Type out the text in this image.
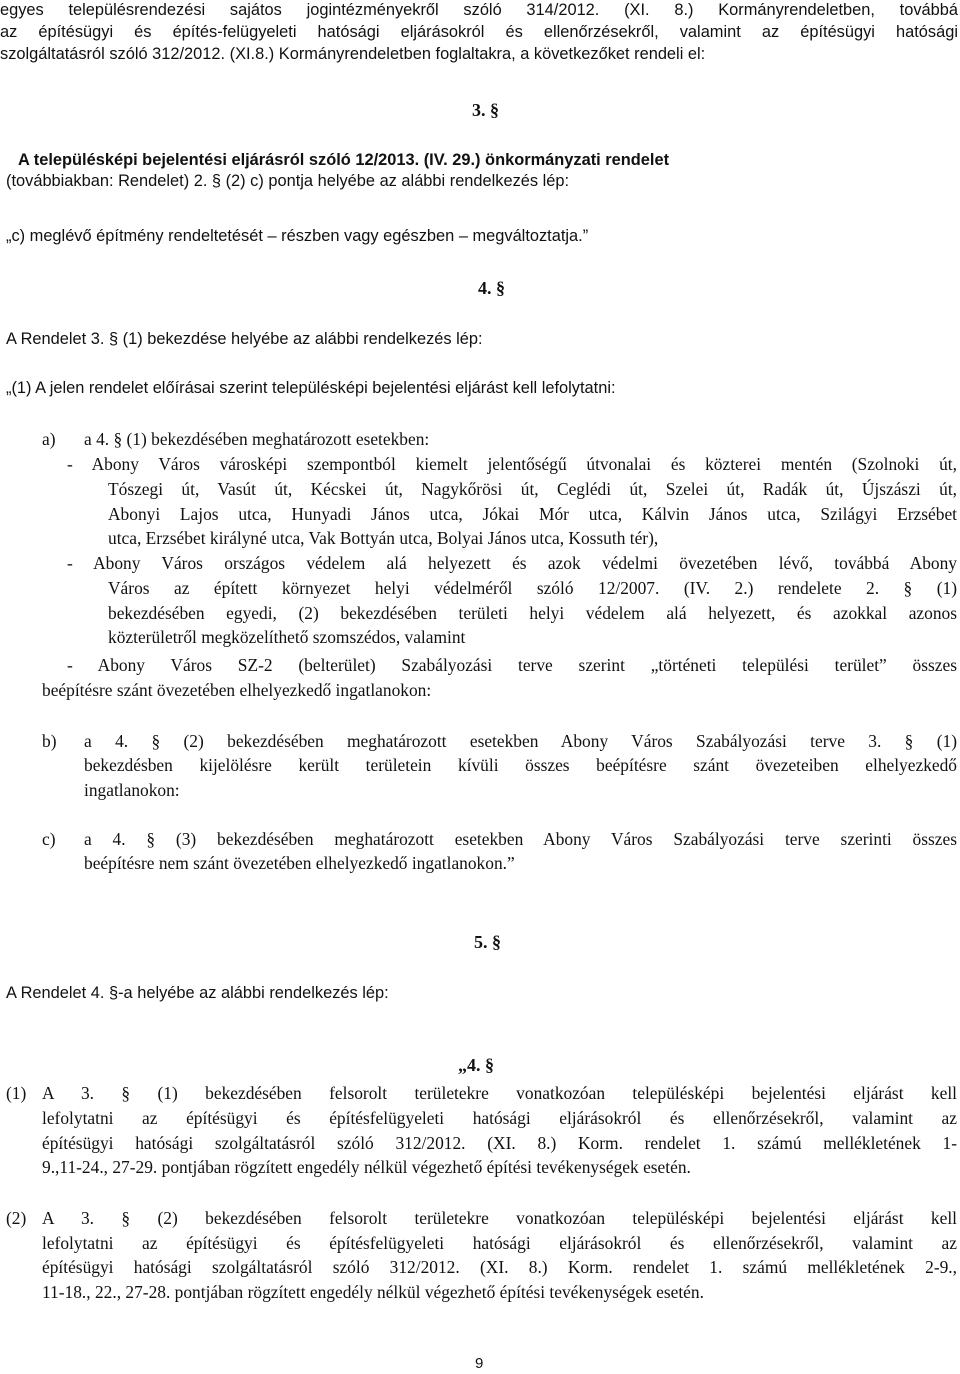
egyes településrendezési sajátos jogintézményekről szóló 314/2012. (XI. 8.) Kormányrendeletben, továbbá
az építésügyi és építés-felügyeleti hatósági eljárásokról és ellenőrzésekről, valamint az építésügyi hatósági
szolgáltatásról szóló 312/2012. (XI.8.) Kormányrendeletben foglaltakra, a következőket rendeli el:
3. §
A településképi bejelentési eljárásról szóló 12/2013. (IV. 29.) önkormányzati rendelet
(továbbiakban: Rendelet) 2. § (2) c) pontja helyébe az alábbi rendelkezés lép:
„c) meglévő építmény rendeltetését – részben vagy egészben – megváltoztatja.”
4. §
A Rendelet 3. § (1) bekezdése helyébe az alábbi rendelkezés lép:
„(1) A jelen rendelet előírásai szerint településképi bejelentési eljárást kell lefolytatni:
a) a 4. § (1) bekezdésében meghatározott esetekben:
- Abony Város városképi szempontból kiemelt jelentőségű útvonalai és közterei mentén (Szolnoki út,
Tószegi út, Vasút út, Kécskei út, Nagykőrösi út, Ceglédi út, Szelei út, Radák út, Újszászi út,
Abonyi Lajos utca, Hunyadi János utca, Jókai Mór utca, Kálvin János utca, Szilágyi Erzsébet
utca, Erzsébet királyné utca, Vak Bottyán utca, Bolyai János utca, Kossuth tér),
- Abony Város országos védelem alá helyezett és azok védelmi övezetében lévő, továbbá Abony
Város az épített környezet helyi védelméről szóló 12/2007. (IV. 2.) rendelete 2. § (1)
bekezdésében egyedi, (2) bekezdésében területi helyi védelem alá helyezett, és azokkal azonos
közterületről megközelíthető szomszédos, valamint
- Abony Város SZ-2 (belterület) Szabályozási terve szerint „történeti települési terület” összes
beépítésre szánt övezetében elhelyezkedő ingatlanokon:
b) a 4. § (2) bekezdésében meghatározott esetekben Abony Város Szabályozási terve 3. § (1)
bekezdésben kijelölésre került területein kívüli összes beépítésre szánt övezeteiben elhelyezkedő
ingatlanokon:
c) a 4. § (3) bekezdésében meghatározott esetekben Abony Város Szabályozási terve szerinti összes
beépítésre nem szánt övezetében elhelyezkedő ingatlanokon.”
5. §
A Rendelet 4. §-a helyébe az alábbi rendelkezés lép:
„4. §
(1) A 3. § (1) bekezdésében felsorolt területekre vonatkozóan településképi bejelentési eljárást kell
lefolytatni az építésügyi és építésfelügyeleti hatósági eljárásokról és ellenőrzésekről, valamint az
építésügyi hatósági szolgáltatásról szóló 312/2012. (XI. 8.) Korm. rendelet 1. számú mellékletének 1-
9.,11-24., 27-29. pontjában rögzített engedély nélkül végezhető építési tevékenységek esetén.
(2) A 3. § (2) bekezdésében felsorolt területekre vonatkozóan településképi bejelentési eljárást kell
lefolytatni az építésügyi és építésfelügyeleti hatósági eljárásokról és ellenőrzésekről, valamint az
építésügyi hatósági szolgáltatásról szóló 312/2012. (XI. 8.) Korm. rendelet 1. számú mellékletének 2-9.,
11-18., 22., 27-28. pontjában rögzített engedély nélkül végezhető építési tevékenységek esetén.
9
